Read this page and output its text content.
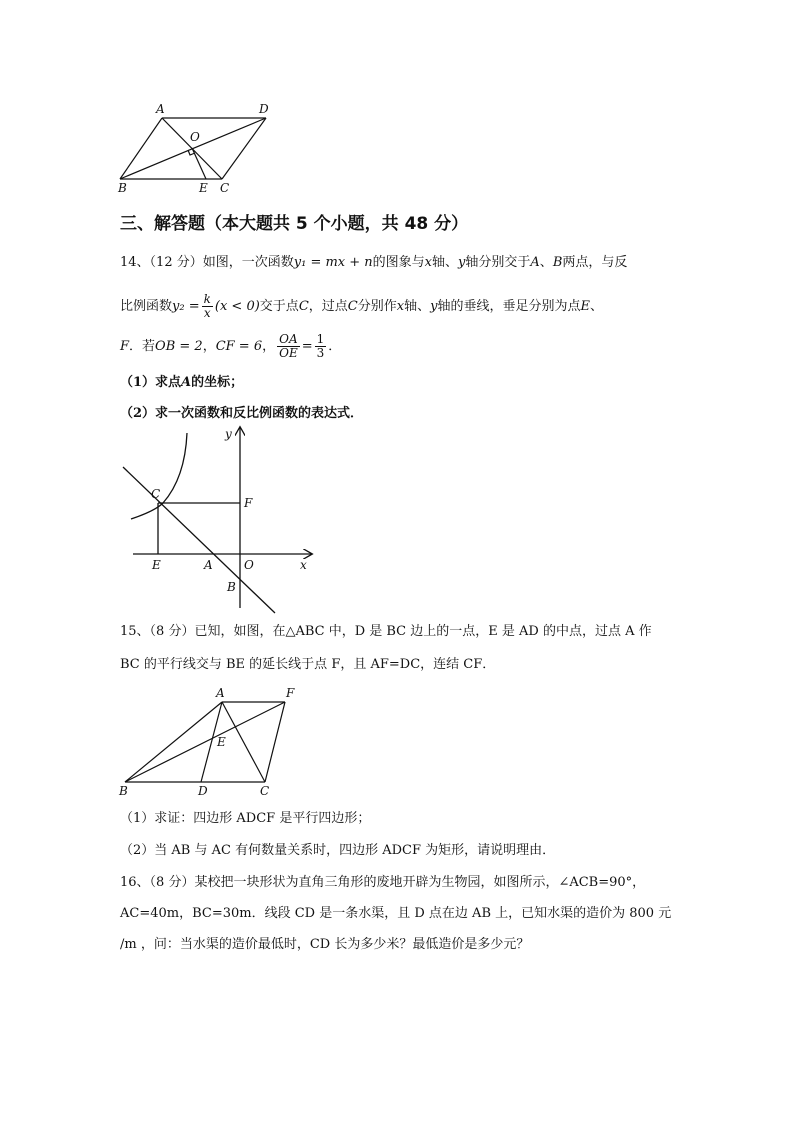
A	D
O
B	E C
三、解答题（本大题共 5 个小题，共 48 分）
14、（12 分）如图，一次函数y₁ = mx + n的图象与x轴、y轴分别交于A、B两点，与反
比例函数$y_2 = \frac{k}{x} (x < 0)$交于点C，过点C分别作x轴、y轴的垂线，垂足分别为点E、
F．若OB = 2，CF = 6， $\frac{OA}{OE} = \frac{1}{3}$ ．
（1）求点A的坐标；
（2）求一次函数和反比例函数的表达式．
y
x
C
F
E	A	O
B
15、（8 分）已知，如图，在△ABC 中，D 是 BC 边上的一点，E 是 AD 的中点，过点 A 作
BC 的平行线交与 BE 的延长线于点 F，且 AF=DC，连结 CF．
A	F
E
B	D	C
（1）求证：四边形 ADCF 是平行四边形；
（2）当 AB 与 AC 有何数量关系时，四边形 ADCF 为矩形，请说明理由．
16、（8 分）某校把一块形状为直角三角形的废地开辟为生物园，如图所示，∠ACB=90°，
AC=40m，BC=30m．线段 CD 是一条水渠，且 D 点在边 AB 上，已知水渠的造价为 800 元
/m ，问：当水渠的造价最低时，CD 长为多少米？最低造价是多少元？
